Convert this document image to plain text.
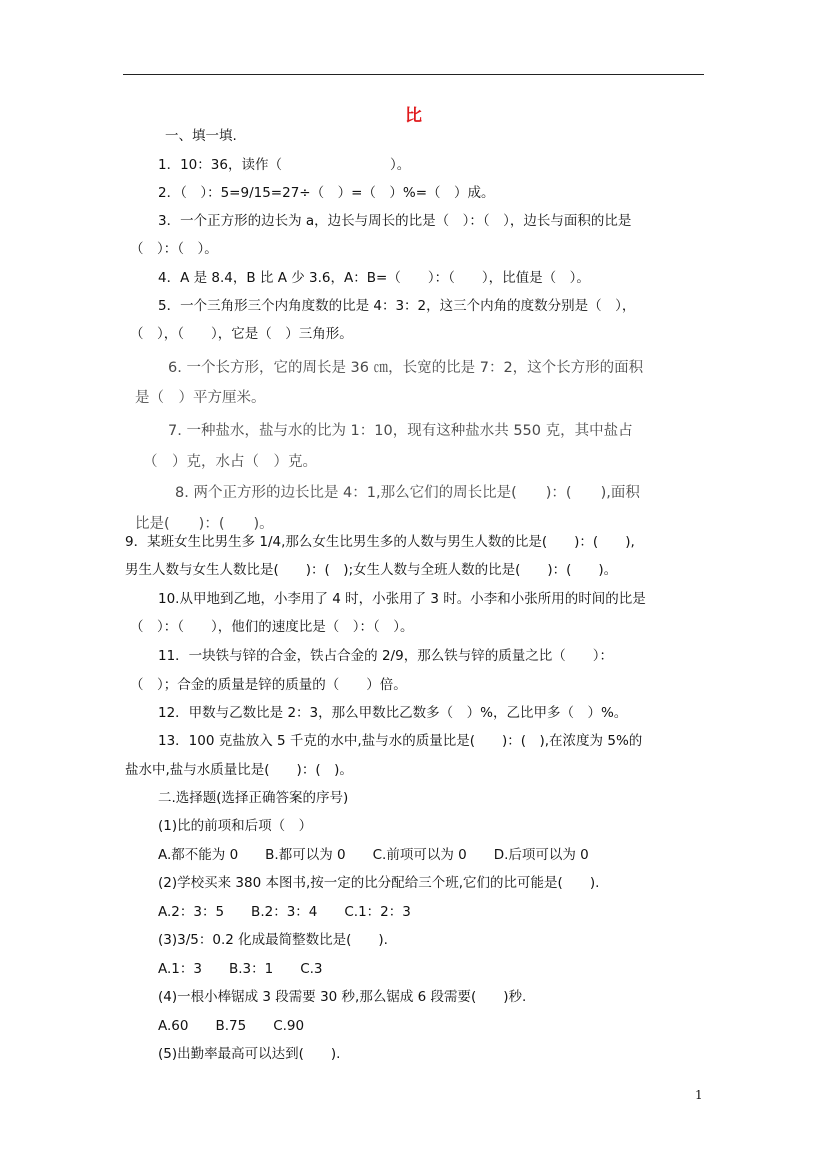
比
一、填一填.
1．10：36，读作（　　　　　　　　）。
2．（　）：5=9/15=27÷（　）=（　）%=（　）成。
3．一个正方形的边长为 a，边长与周长的比是（　）：（　），边长与面积的比是
（　）：（　）。
4．A 是 8.4，B 比 A 少 3.6，A：B=（　　）：（　　），比值是（　）。
5．一个三角形三个内角度数的比是 4：3：2，这三个内角的度数分别是（　），
（　），（　　），它是（　）三角形。
6. 一个长方形，它的周长是 36 ㎝，长宽的比是 7：2，这个长方形的面积
是（　）平方厘米。
7. 一种盐水，盐与水的比为 1：10，现有这种盐水共 550 克，其中盐占
（　）克，水占（　）克。
8. 两个正方形的边长比是 4：1,那么它们的周长比是(　　)：(　　),面积
比是(　　)：(　　)。
9．某班女生比男生多 1/4,那么女生比男生多的人数与男生人数的比是(　　)：(　　),
男生人数与女生人数比是(　　)：(　);女生人数与全班人数的比是(　　)：(　　)。
10.从甲地到乙地，小李用了 4 时，小张用了 3 时。小李和小张所用的时间的比是
（　）：（　　），他们的速度比是（　）：（　）。
11．一块铁与锌的合金，铁占合金的 2/9，那么铁与锌的质量之比（　　）：
（　）；合金的质量是锌的质量的（　　）倍。
12．甲数与乙数比是 2：3，那么甲数比乙数多（　）%，乙比甲多（　）%。
13．100 克盐放入 5 千克的水中,盐与水的质量比是(　　)：(　),在浓度为 5%的
盐水中,盐与水质量比是(　　)：(　)。
二.选择题(选择正确答案的序号)
(1)比的前项和后项（　）
A.都不能为 0　　B.都可以为 0　　C.前项可以为 0　　D.后项可以为 0
(2)学校买来 380 本图书,按一定的比分配给三个班,它们的比可能是(　　).
A.2：3：5　　B.2：3：4　　C.1：2：3
(3)3/5：0.2 化成最简整数比是(　　).
A.1：3　　B.3：1　　C.3
(4)一根小棒锯成 3 段需要 30 秒,那么锯成 6 段需要(　　)秒.
A.60　　B.75　　C.90
(5)出勤率最高可以达到(　　).
1
